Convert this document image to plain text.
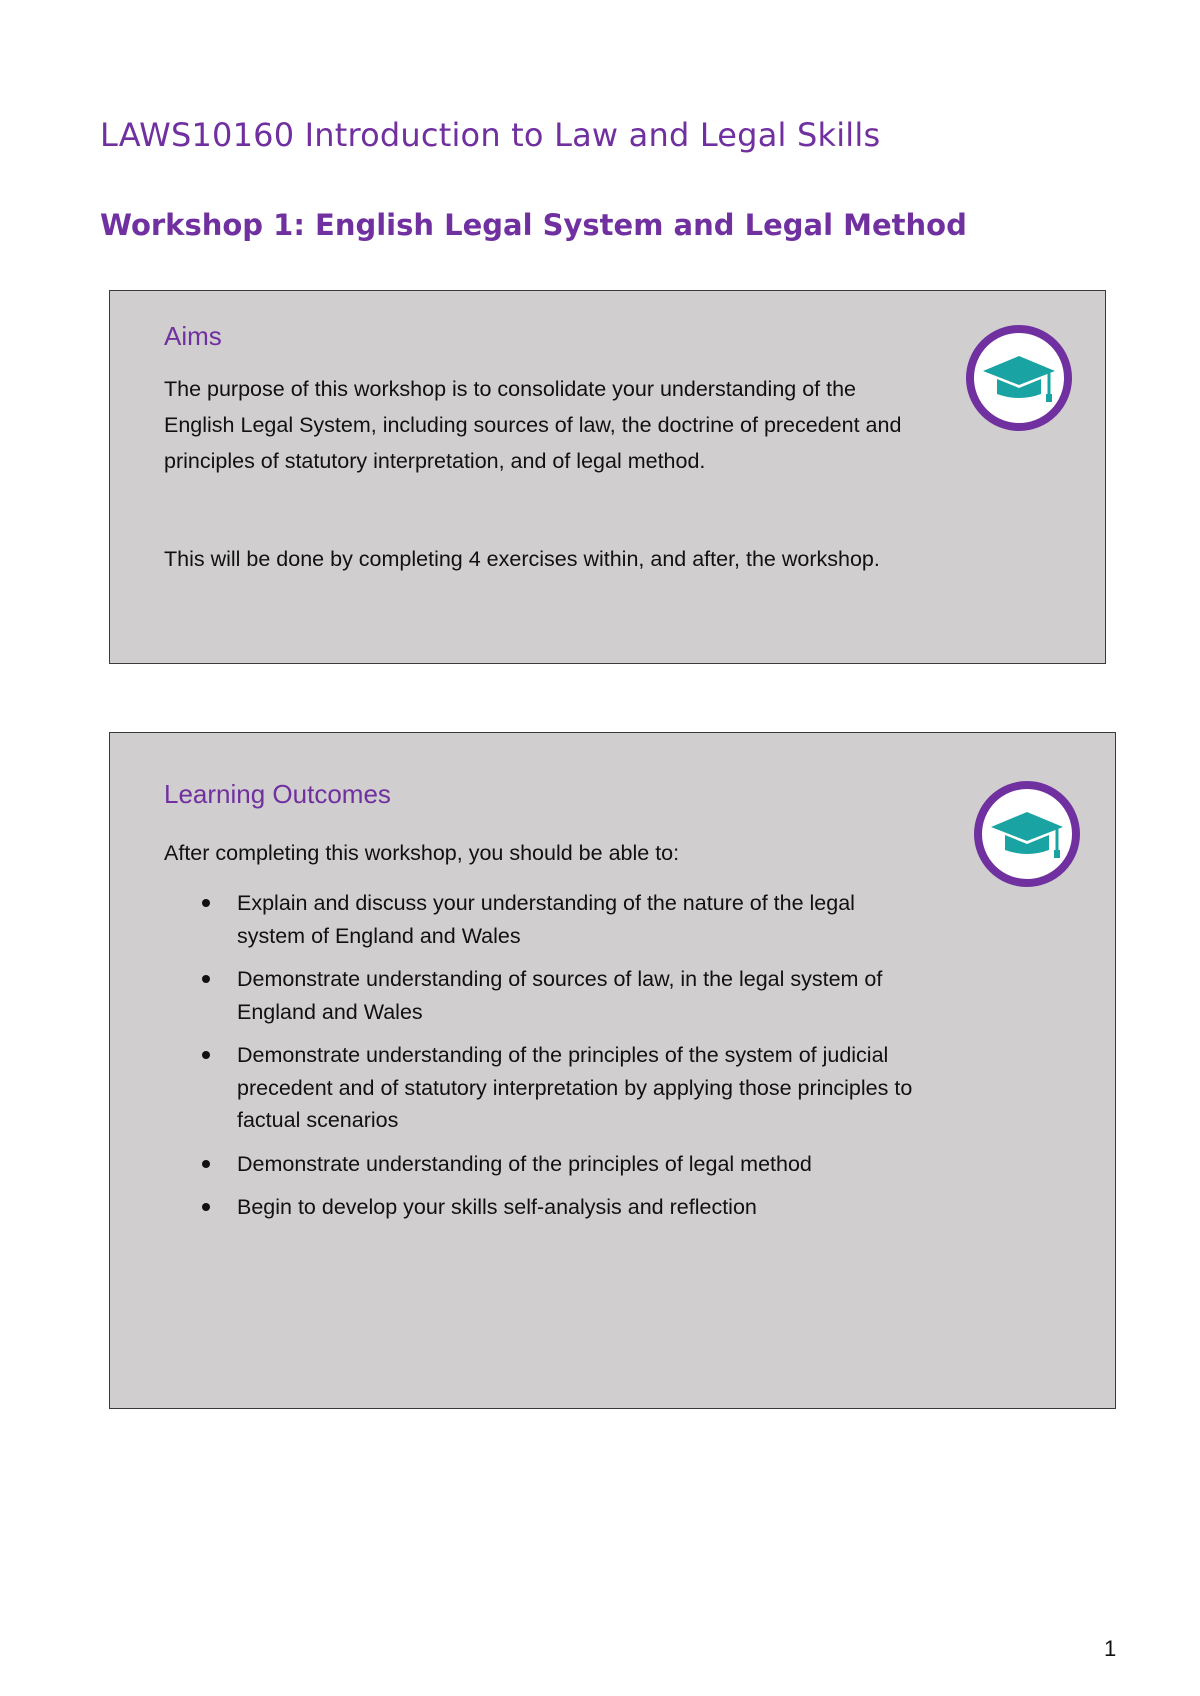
LAWS10160 Introduction to Law and Legal Skills
Workshop 1: English Legal System and Legal Method
Aims
The purpose of this workshop is to consolidate your understanding of the English Legal System, including sources of law, the doctrine of precedent and principles of statutory interpretation, and of legal method.
This will be done by completing 4 exercises within, and after, the workshop.
Learning Outcomes
After completing this workshop, you should be able to:
Explain and discuss your understanding of the nature of the legal system of England and Wales
Demonstrate understanding of sources of law, in the legal system of England and Wales
Demonstrate understanding of the principles of the system of judicial precedent and of statutory interpretation by applying those principles to factual scenarios
Demonstrate understanding of the principles of legal method
Begin to develop your skills self-analysis and reflection
1
